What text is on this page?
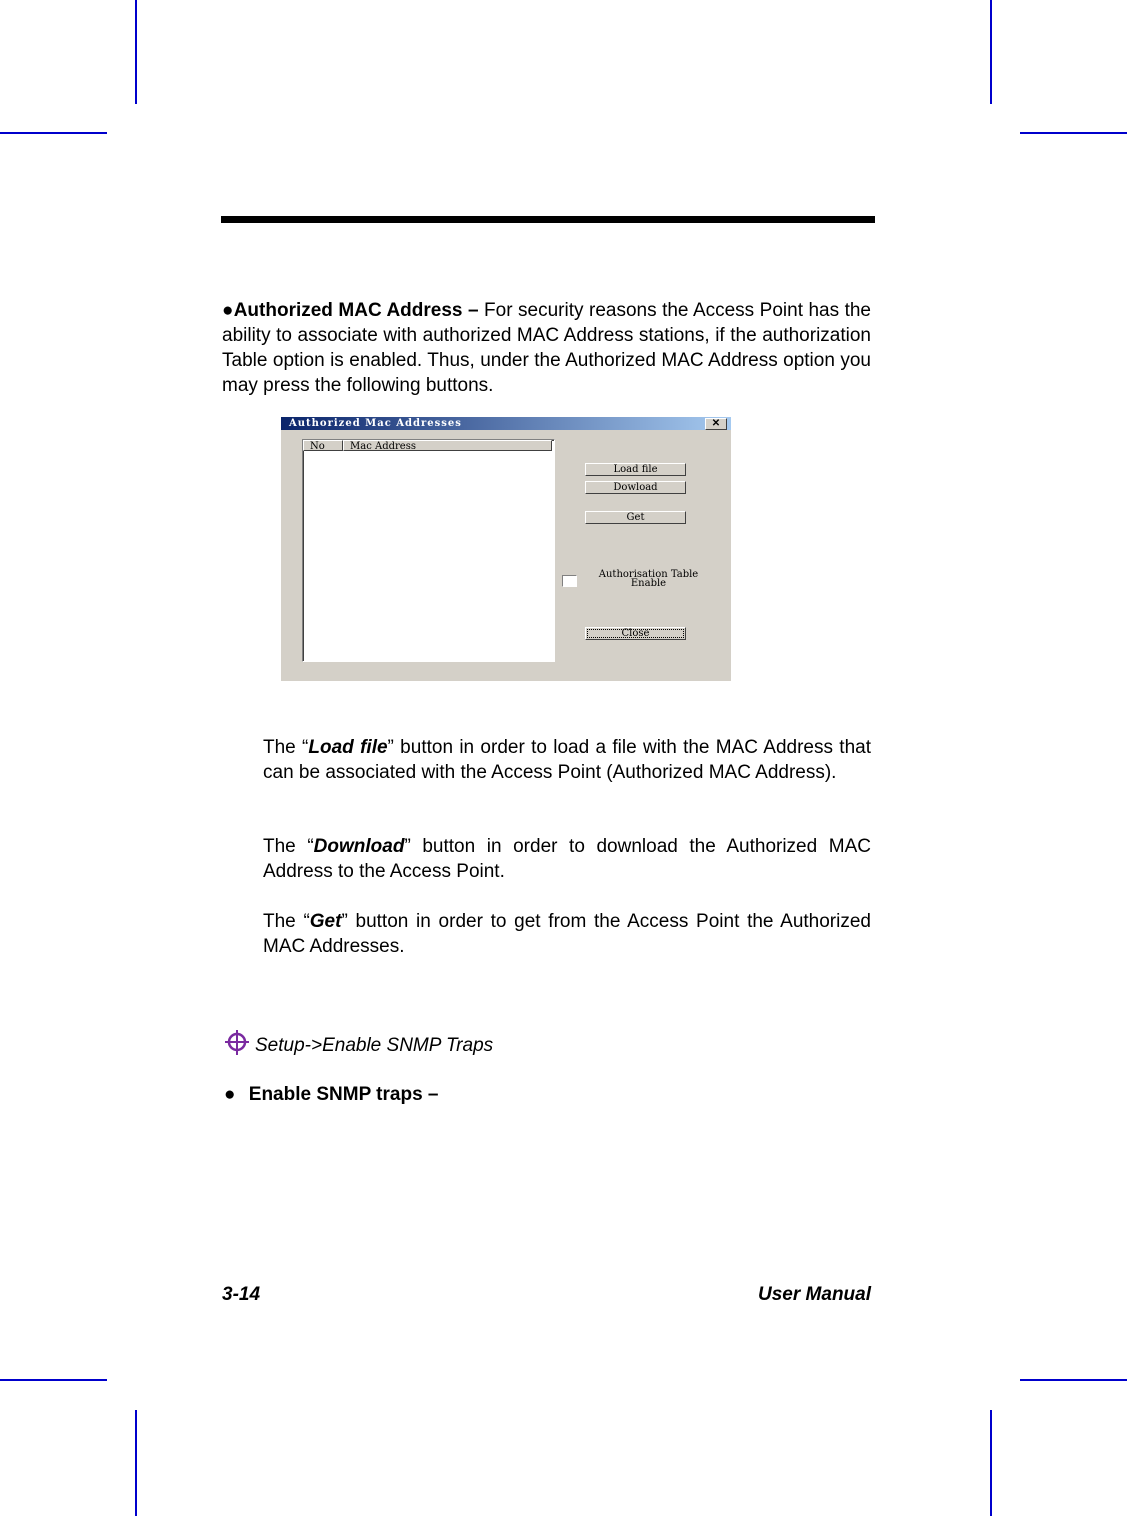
●Authorized MAC Address – For security reasons the Access Point has the ability to associate with authorized MAC Address stations, if the authorization Table option is enabled. Thus, under the Authorized MAC Address option you may press the following buttons.
Authorized Mac Addresses	✕
No	Mac Address
Load file
Dowload
Get
Authorisation Table
Enable
Close
The “Load file” button in order to load a file with the MAC Address that can be associated with the Access Point (Authorized MAC Address).
The “Download” button in order to download the Authorized MAC Address to the Access Point.
The “Get” button in order to get from the Access Point the Authorized MAC Addresses.
Setup->Enable SNMP Traps
● Enable SNMP traps –
3-14	User Manual
